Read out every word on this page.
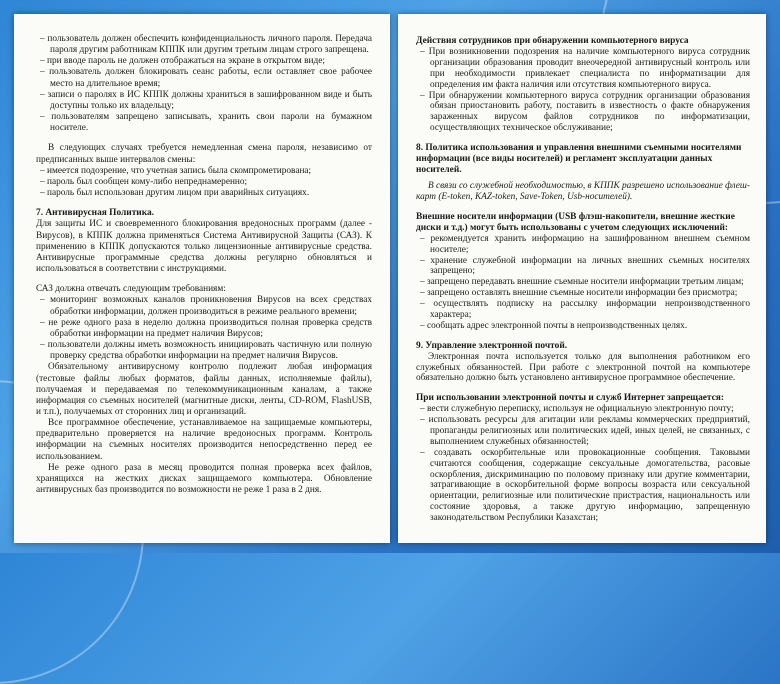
– пользователь должен обеспечить конфиденциальность личного пароля. Передача пароля другим работникам КППК или другим третьим лицам строго запрещена.

– при вводе пароль не должен отображаться на экране в открытом виде;

– пользователь должен блокировать сеанс работы, если оставляет свое рабочее место на длительное время;

– записи о паролях в ИС КППК должны храниться в зашифрованном виде и быть доступны только их владельцу;

– пользователям запрещено записывать, хранить свои пароли на бумажном носителе.

В следующих случаях требуется немедленная смена пароля, независимо от предписанных выше интервалов смены:

– имеется подозрение, что учетная запись была скомпрометирована;

– пароль был сообщен кому-либо непреднамеренно;

– пароль был использован другим лицом при аварийных ситуациях.

7. Антивирусная Политика.

Для защиты ИС и своевременного блокирования вредоносных программ (далее - Вирусов), в КППК должна применяться Система Антивирусной Защиты (САЗ). К применению в КППК допускаются только лицензионные антивирусные средства. Антивирусные программные средства должны регулярно обновляться и использоваться в соответствии с инструкциями.

САЗ должна отвечать следующим требованиям:

– мониторинг возможных каналов проникновения Вирусов на всех средствах обработки информации, должен производиться в режиме реального времени;

– не реже одного раза в неделю должна производиться полная проверка средств обработки информации на предмет наличия Вирусов;

– пользователи должны иметь возможность инициировать частичную или полную проверку средства обработки информации на предмет наличия Вирусов.

Обязательному антивирусному контролю подлежит любая информация (тестовые файлы любых форматов, файлы данных, исполняемые файлы), получаемая и передаваемая по телекоммуникационным каналам, а также информация со съемных носителей (магнитные диски, ленты, CD-ROM, FlashUSB, и т.п.), получаемых от сторонних лиц и организаций.

Все программное обеспечение, устанавливаемое на защищаемые компьютеры, предварительно проверяется на наличие вредоносных программ. Контроль информации на съемных носителях производится непосредственно перед ее использованием.

Не реже одного раза в месяц проводится полная проверка всех файлов, хранящихся на жестких дисках защищаемого компьютера. Обновление антивирусных баз производится по возможности не реже 1 раза в 2 дня.

Действия сотрудников при обнаружении компьютерного вируса

– При возникновении подозрения на наличие компьютерного вируса сотрудник организации образования проводит внеочередной антивирусный контроль или при необходимости привлекает специалиста по информатизации для определения им факта наличия или отсутствия компьютерного вируса.

– При обнаружении компьютерного вируса сотрудник организации образования обязан приостановить работу, поставить в известность о факте обнаружения зараженных вирусом файлов сотрудников по информатизации, осуществляющих техническое обслуживание;

8. Политика использования и управления внешними съемными носителями информации (все виды носителей) и регламент эксплуатации данных носителей.

В связи со служебной необходимостью, в КППК разрешено использование флеш-карт (E-token, KAZ-token, Save-Token, Usb-носителей).

Внешние носители информации (USB флэш-накопители, внешние жесткие диски и т.д.) могут быть использованы с учетом следующих исключений:

– рекомендуется хранить информацию на зашифрованном внешнем съемном носителе;

– хранение служебной информации на личных внешних съемных носителях запрещено;

– запрещено передавать внешние съемные носители информации третьим лицам;

– запрещено оставлять внешние съемные носители информации без присмотра;

– осуществлять подписку на рассылку информации непроизводственного характера;

– сообщать адрес электронной почты в непроизводственных целях.

9. Управление электронной почтой.

Электронная почта используется только для выполнения работником его служебных обязанностей. При работе с электронной почтой на компьютере обязательно должно быть установлено антивирусное программное обеспечение.

При использовании электронной почты и служб Интернет запрещается:

– вести служебную переписку, используя не официальную электронную почту;

– использовать ресурсы для агитации или рекламы коммерческих предприятий, пропаганды религиозных или политических идей, иных целей, не связанных, с выполнением служебных обязанностей;

– создавать оскорбительные или провокационные сообщения. Таковыми считаются сообщения, содержащие сексуальные домогательства, расовые оскорбления, дискриминацию по половому признаку или другие комментарии, затрагивающие в оскорбительной форме вопросы возраста или сексуальной ориентации, религиозные или политические пристрастия, национальность или состояние здоровья, а также другую информацию, запрещенную законодательством Республики Казахстан;
